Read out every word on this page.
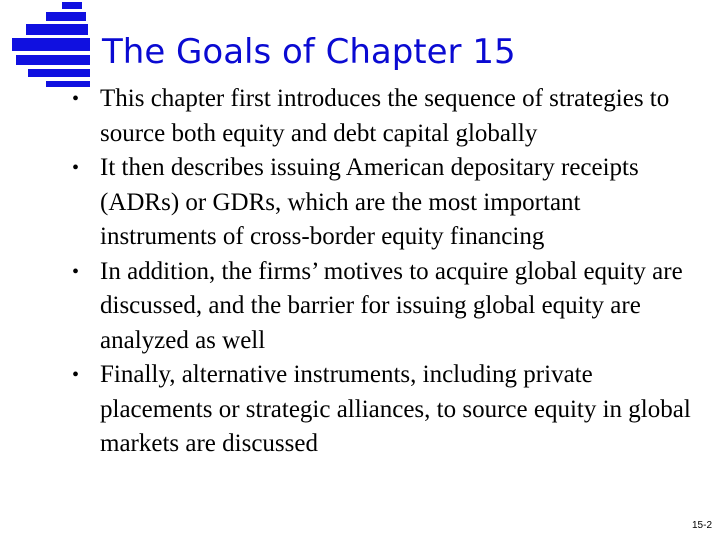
The Goals of Chapter 15
• This chapter first introduces the sequence of strategies to source both equity and debt capital globally
• It then describes issuing American depositary receipts (ADRs) or GDRs, which are the most important instruments of cross-border equity financing
• In addition, the firms’ motives to acquire global equity are discussed, and the barrier for issuing global equity are analyzed as well
• Finally, alternative instruments, including private placements or strategic alliances, to source equity in global markets are discussed
15-2
